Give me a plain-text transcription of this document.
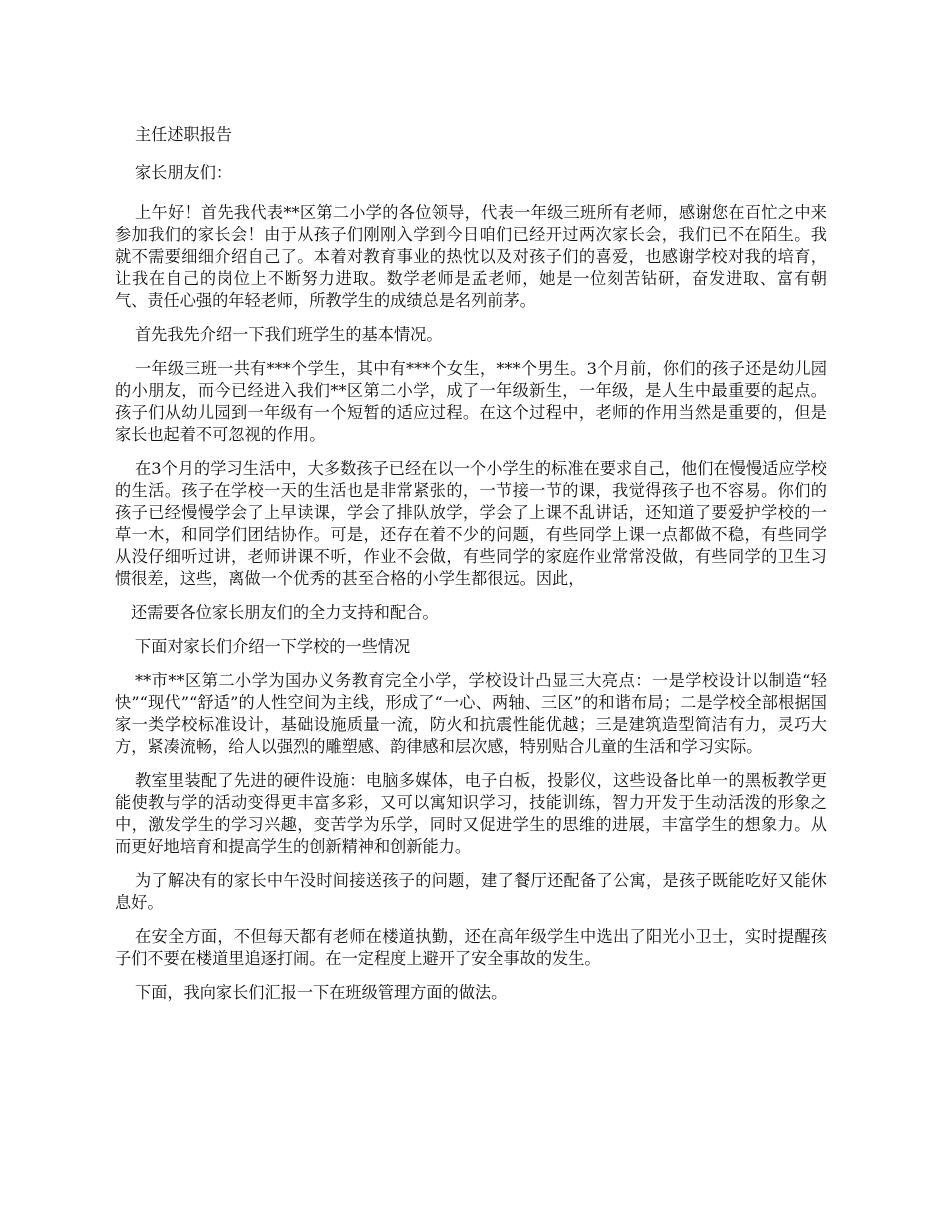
主任述职报告

家长朋友们：

上午好！首先我代表**区第二小学的各位领导，代表一年级三班所有老师，感谢您在百忙之中来参加我们的家长会！由于从孩子们刚刚入学到今日咱们已经开过两次家长会，我们已不在陌生。我就不需要细细介绍自己了。本着对教育事业的热忱以及对孩子们的喜爱，也感谢学校对我的培育，让我在自己的岗位上不断努力进取。数学老师是孟老师，她是一位刻苦钻研，奋发进取、富有朝气、责任心强的年轻老师，所教学生的成绩总是名列前茅。

首先我先介绍一下我们班学生的基本情况。

一年级三班一共有***个学生，其中有***个女生，***个男生。3个月前，你们的孩子还是幼儿园的小朋友，而今已经进入我们**区第二小学，成了一年级新生，一年级，是人生中最重要的起点。孩子们从幼儿园到一年级有一个短暂的适应过程。在这个过程中，老师的作用当然是重要的，但是家长也起着不可忽视的作用。

在3个月的学习生活中，大多数孩子已经在以一个小学生的标准在要求自己，他们在慢慢适应学校的生活。孩子在学校一天的生活也是非常紧张的，一节接一节的课，我觉得孩子也不容易。你们的孩子已经慢慢学会了上早读课，学会了排队放学，学会了上课不乱讲话，还知道了要爱护学校的一草一木，和同学们团结协作。可是，还存在着不少的问题，有些同学上课一点都做不稳，有些同学从没仔细听过讲，老师讲课不听，作业不会做，有些同学的家庭作业常常没做，有些同学的卫生习惯很差，这些，离做一个优秀的甚至合格的小学生都很远。因此，

还需要各位家长朋友们的全力支持和配合。

下面对家长们介绍一下学校的一些情况

**市**区第二小学为国办义务教育完全小学，学校设计凸显三大亮点：一是学校设计以制造“轻快”“现代”“舒适”的人性空间为主线，形成了“一心、两轴、三区”的和谐布局；二是学校全部根据国家一类学校标准设计，基础设施质量一流，防火和抗震性能优越；三是建筑造型简洁有力，灵巧大方，紧凑流畅，给人以强烈的雕塑感、韵律感和层次感，特别贴合儿童的生活和学习实际。

教室里装配了先进的硬件设施：电脑多媒体，电子白板，投影仪，这些设备比单一的黑板教学更能使教与学的活动变得更丰富多彩，又可以寓知识学习，技能训练，智力开发于生动活泼的形象之中，激发学生的学习兴趣，变苦学为乐学，同时又促进学生的思维的进展，丰富学生的想象力。从而更好地培育和提高学生的创新精神和创新能力。

为了解决有的家长中午没时间接送孩子的问题，建了餐厅还配备了公寓，是孩子既能吃好又能休息好。

在安全方面，不但每天都有老师在楼道执勤，还在高年级学生中选出了阳光小卫士，实时提醒孩子们不要在楼道里追逐打闹。在一定程度上避开了安全事故的发生。

下面，我向家长们汇报一下在班级管理方面的做法。
